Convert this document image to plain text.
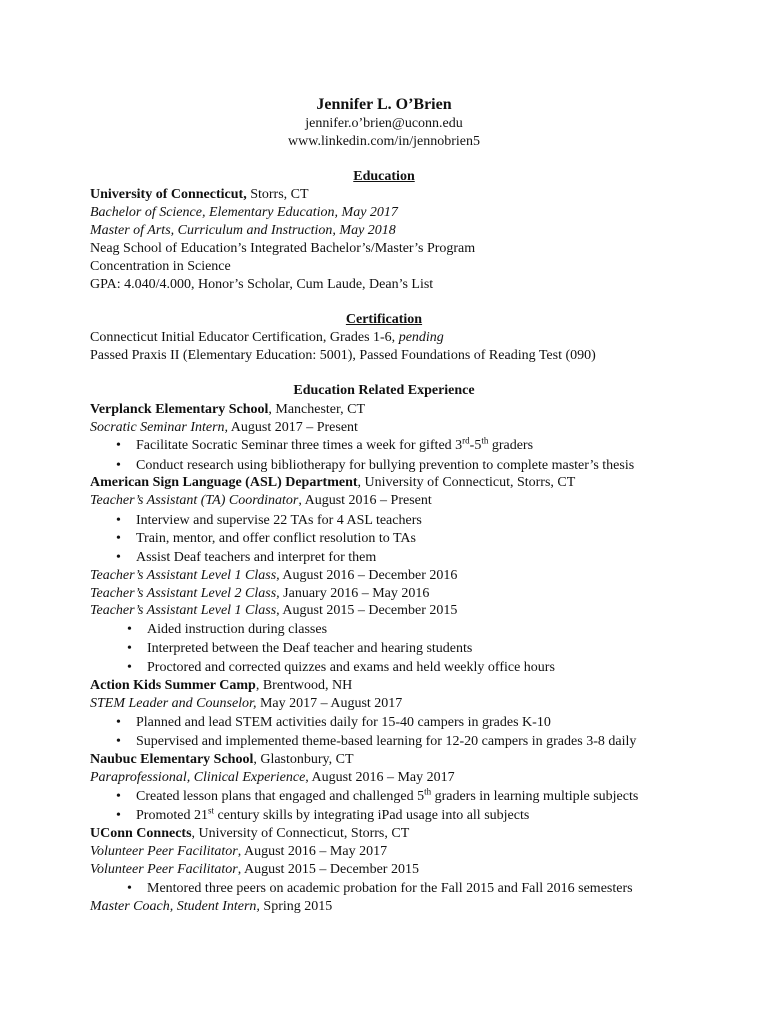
Jennifer L. O’Brien
jennifer.o’brien@uconn.edu
www.linkedin.com/in/jennobrien5
Education
University of Connecticut, Storrs, CT
Bachelor of Science, Elementary Education, May 2017
Master of Arts, Curriculum and Instruction, May 2018
Neag School of Education’s Integrated Bachelor’s/Master’s Program
Concentration in Science
GPA: 4.040/4.000, Honor’s Scholar, Cum Laude, Dean’s List
Certification
Connecticut Initial Educator Certification, Grades 1-6, pending
Passed Praxis II (Elementary Education: 5001), Passed Foundations of Reading Test (090)
Education Related Experience
Verplanck Elementary School, Manchester, CT
Socratic Seminar Intern, August 2017 – Present
• Facilitate Socratic Seminar three times a week for gifted 3rd-5th graders
• Conduct research using bibliotherapy for bullying prevention to complete master’s thesis
American Sign Language (ASL) Department, University of Connecticut, Storrs, CT
Teacher’s Assistant (TA) Coordinator, August 2016 – Present
• Interview and supervise 22 TAs for 4 ASL teachers
• Train, mentor, and offer conflict resolution to TAs
• Assist Deaf teachers and interpret for them
Teacher’s Assistant Level 1 Class, August 2016 – December 2016
Teacher’s Assistant Level 2 Class, January 2016 – May 2016
Teacher’s Assistant Level 1 Class, August 2015 – December 2015
• Aided instruction during classes
• Interpreted between the Deaf teacher and hearing students
• Proctored and corrected quizzes and exams and held weekly office hours
Action Kids Summer Camp, Brentwood, NH
STEM Leader and Counselor, May 2017 – August 2017
• Planned and lead STEM activities daily for 15-40 campers in grades K-10
• Supervised and implemented theme-based learning for 12-20 campers in grades 3-8 daily
Naubuc Elementary School, Glastonbury, CT
Paraprofessional, Clinical Experience, August 2016 – May 2017
• Created lesson plans that engaged and challenged 5th graders in learning multiple subjects
• Promoted 21st century skills by integrating iPad usage into all subjects
UConn Connects, University of Connecticut, Storrs, CT
Volunteer Peer Facilitator, August 2016 – May 2017
Volunteer Peer Facilitator, August 2015 – December 2015
• Mentored three peers on academic probation for the Fall 2015 and Fall 2016 semesters
Master Coach, Student Intern, Spring 2015
